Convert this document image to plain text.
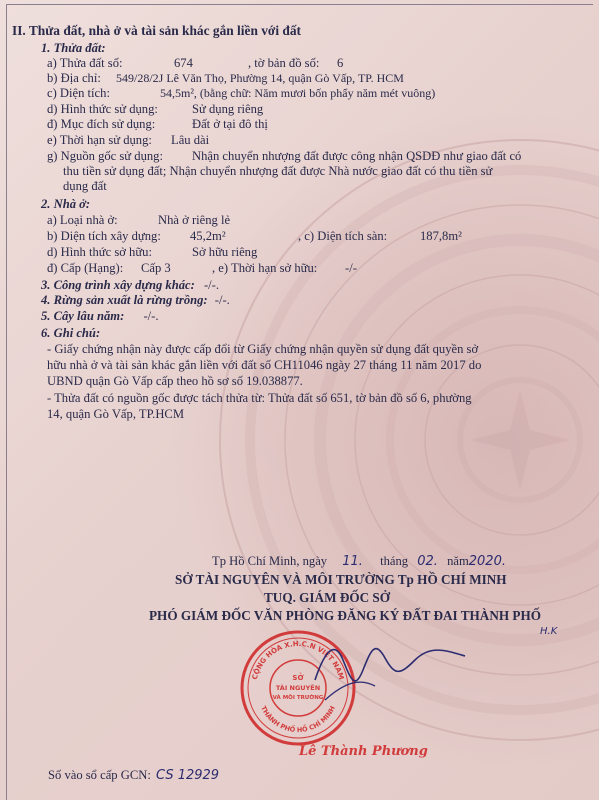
II. Thửa đất, nhà ở và tài sản khác gắn liền với đất
1. Thửa đất:
a) Thửa đất số:	674	, tờ bản đồ số: 6
b) Địa chỉ: 549/28/2J Lê Văn Thọ, Phường 14, quận Gò Vấp, TP. HCM
c) Diện tích:	54,5m², (bằng chữ: Năm mươi bốn phẩy năm mét vuông)
d) Hình thức sử dụng:	Sử dụng riêng
đ) Mục đích sử dụng:	Đất ở tại đô thị
e) Thời hạn sử dụng: Lâu dài
g) Nguồn gốc sử dụng: Nhận chuyển nhượng đất được công nhận QSDĐ như giao đất có
thu tiền sử dụng đất; Nhận chuyển nhượng đất được Nhà nước giao đất có thu tiền sử
dụng đất
2. Nhà ở:
a) Loại nhà ở:	Nhà ở riêng lẻ
b) Diện tích xây dựng: 45,2m²	, c) Diện tích sàn:	187,8m²
d) Hình thức sở hữu:	Sở hữu riêng
đ) Cấp (Hạng): Cấp 3	, e) Thời hạn sở hữu: -/-
3. Công trình xây dựng khác: -/-.
4. Rừng sản xuất là rừng trồng: -/-.
5. Cây lâu năm: -/-.
6. Ghi chú:
- Giấy chứng nhận này được cấp đổi từ Giấy chứng nhận quyền sử dụng đất quyền sở
hữu nhà ở và tài sản khác gắn liền với đất số CH11046 ngày 27 tháng 11 năm 2017 do
UBND quận Gò Vấp cấp theo hồ sơ số 19.038877.
- Thửa đất có nguồn gốc được tách thửa từ: Thửa đất số 651, tờ bản đồ số 6, phường
14, quận Gò Vấp, TP.HCM
Tp Hồ Chí Minh, ngày 11. tháng 02. năm2020.
SỞ TÀI NGUYÊN VÀ MÔI TRƯỜNG Tp HỒ CHÍ MINH
TUQ. GIÁM ĐỐC SỞ
PHÓ GIÁM ĐỐC VĂN PHÒNG ĐĂNG KÝ ĐẤT ĐAI THÀNH PHỐ
H.K
Lê Thành Phương
Số vào sổ cấp GCN: CS 12929
CỘNG HÒA X.H.C.N VIỆT NAM
THÀNH PHỐ HỒ CHÍ MINH
SỞ
TÀI NGUYÊN
VÀ MÔI TRƯỜNG
